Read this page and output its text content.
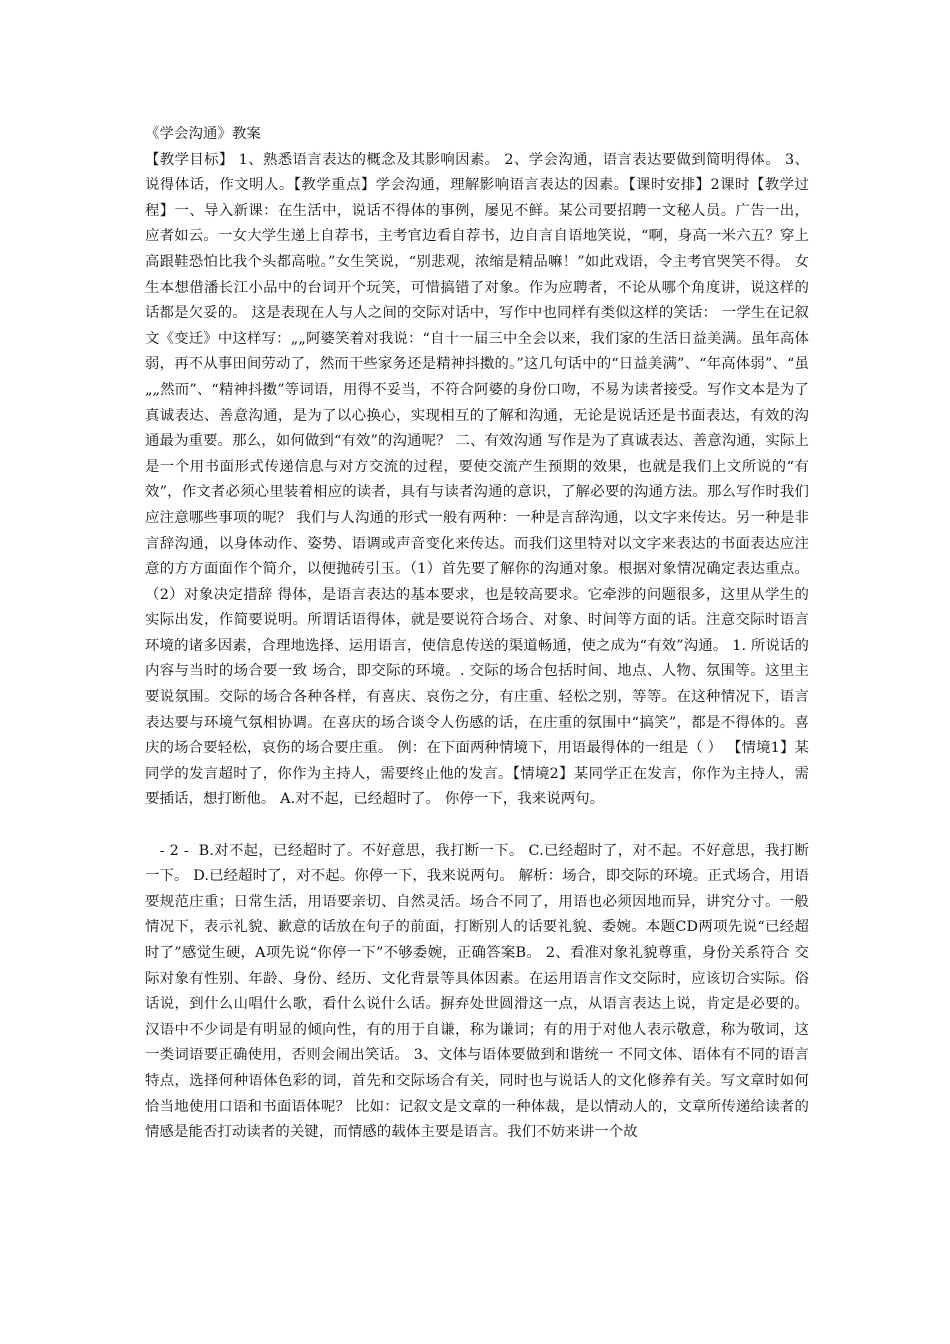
《学会沟通》教案

【教学目标】 1、熟悉语言表达的概念及其影响因素。 2、学会沟通，语言表达要做到简明得体。 3、说得体话，作文明人。【教学重点】学会沟通，理解影响语言表达的因素。【课时安排】2课时【教学过程】一、导入新课：在生活中，说话不得体的事例，屡见不鲜。某公司要招聘一文秘人员。广告一出，应者如云。一女大学生递上自荐书，主考官边看自荐书，边自言自语地笑说，“啊，身高一米六五？穿上高跟鞋恐怕比我个头都高啦。”女生笑说，“别悲观，浓缩是精品嘛！”如此戏语，令主考官哭笑不得。 女生本想借潘长江小品中的台词开个玩笑，可惜搞错了对象。作为应聘者，不论从哪个角度讲，说这样的话都是欠妥的。 这是表现在人与人之间的交际对话中，写作中也同样有类似这样的笑话： 一学生在记叙文《变迁》中这样写：„„阿婆笑着对我说：“自十一届三中全会以来，我们家的生活日益美满。虽年高体弱，再不从事田间劳动了，然而干些家务还是精神抖擞的。”这几句话中的“日益美满”、“年高体弱”、“虽„„然而”、“精神抖擞”等词语，用得不妥当，不符合阿婆的身份口吻，不易为读者接受。写作文本是为了真诚表达、善意沟通，是为了以心换心，实现相互的了解和沟通，无论是说话还是书面表达，有效的沟通最为重要。那么，如何做到“有效”的沟通呢？ 二、有效沟通 写作是为了真诚表达、善意沟通，实际上是一个用书面形式传递信息与对方交流的过程，要使交流产生预期的效果，也就是我们上文所说的“有效”，作文者必须心里装着相应的读者，具有与读者沟通的意识，了解必要的沟通方法。那么写作时我们应注意哪些事项的呢？ 我们与人沟通的形式一般有两种：一种是言辞沟通，以文字来传达。另一种是非言辞沟通，以身体动作、姿势、语调或声音变化来传达。而我们这里特对以文字来表达的书面表达应注意的方方面面作个简介，以便抛砖引玉。（1）首先要了解你的沟通对象。根据对象情况确定表达重点。（2）对象决定措辞 得体，是语言表达的基本要求，也是较高要求。它牵涉的问题很多，这里从学生的实际出发，作简要说明。所谓话语得体，就是要说符合场合、对象、时间等方面的话。注意交际时语言环境的诸多因素，合理地选择、运用语言，使信息传送的渠道畅通，使之成为“有效”沟通。 1. 所说话的内容与当时的场合要一致 场合，即交际的环境。. 交际的场合包括时间、地点、人物、氛围等。这里主要说氛围。交际的场合各种各样，有喜庆、哀伤之分，有庄重、轻松之别，等等。在这种情况下，语言表达要与环境气氛相协调。在喜庆的场合谈令人伤感的话，在庄重的氛围中“搞笑”，都是不得体的。喜庆的场合要轻松，哀伤的场合要庄重。 例：在下面两种情境下，用语最得体的一组是（ ） 【情境1】某同学的发言超时了，你作为主持人，需要终止他的发言。【情境2】某同学正在发言，你作为主持人，需要插话，想打断他。 A.对不起，已经超时了。 你停一下，我来说两句。

- 2 - B.对不起，已经超时了。不好意思，我打断一下。 C.已经超时了，对不起。不好意思，我打断一下。 D.已经超时了，对不起。你停一下，我来说两句。 解析：场合，即交际的环境。正式场合，用语要规范庄重；日常生活，用语要亲切、自然灵活。场合不同了，用语也必须因地而异，讲究分寸。一般情况下，表示礼貌、歉意的话放在句子的前面，打断别人的话要礼貌、委婉。本题CD两项先说“已经超时了”感觉生硬，A项先说“你停一下”不够委婉，正确答案B。 2、看准对象礼貌尊重，身份关系符合 交际对象有性别、年龄、身份、经历、文化背景等具体因素。在运用语言作文交际时，应该切合实际。俗话说，到什么山唱什么歌，看什么说什么话。摒弃处世圆滑这一点，从语言表达上说，肯定是必要的。 汉语中不少词是有明显的倾向性，有的用于自谦，称为谦词；有的用于对他人表示敬意，称为敬词，这一类词语要正确使用，否则会闹出笑话。 3、文体与语体要做到和谐统一 不同文体、语体有不同的语言特点，选择何种语体色彩的词，首先和交际场合有关，同时也与说话人的文化修养有关。写文章时如何恰当地使用口语和书面语体呢？ 比如：记叙文是文章的一种体裁，是以情动人的，文章所传递给读者的情感是能否打动读者的关键，而情感的载体主要是语言。我们不妨来讲一个故
